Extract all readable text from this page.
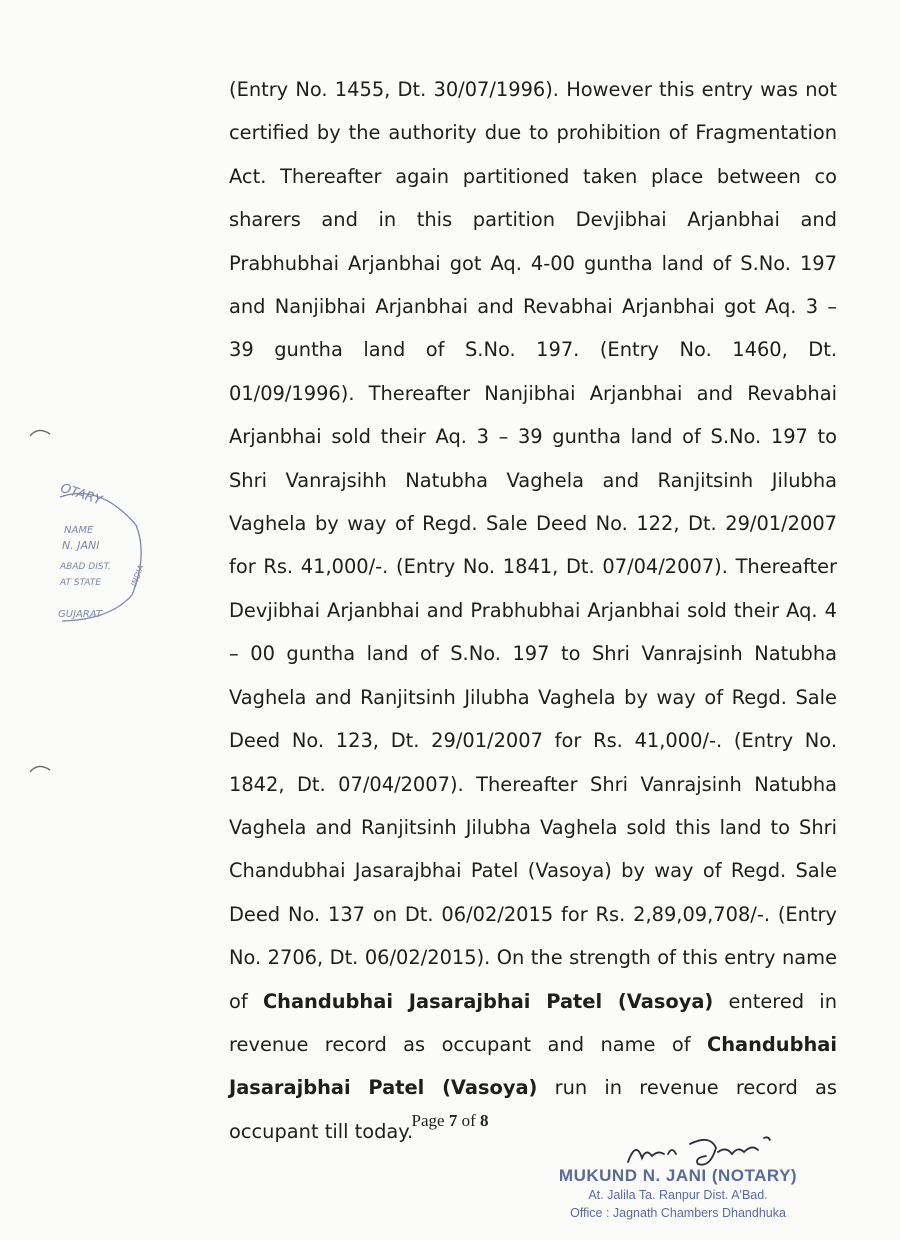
(Entry No. 1455, Dt. 30/07/1996). However this entry was not certified by the authority due to prohibition of Fragmentation Act. Thereafter again partitioned taken place between co sharers and in this partition Devjibhai Arjanbhai and Prabhubhai Arjanbhai got Aq. 4-00 guntha land of S.No. 197 and Nanjibhai Arjanbhai and Revabhai Arjanbhai got Aq. 3 – 39 guntha land of S.No. 197. (Entry No. 1460, Dt. 01/09/1996). Thereafter Nanjibhai Arjanbhai and Revabhai Arjanbhai sold their Aq. 3 – 39 guntha land of S.No. 197 to Shri Vanrajsihh Natubha Vaghela and Ranjitsinh Jilubha Vaghela by way of Regd. Sale Deed No. 122, Dt. 29/01/2007 for Rs. 41,000/-. (Entry No. 1841, Dt. 07/04/2007). Thereafter Devjibhai Arjanbhai and Prabhubhai Arjanbhai sold their Aq. 4 – 00 guntha land of S.No. 197 to Shri Vanrajsinh Natubha Vaghela and Ranjitsinh Jilubha Vaghela by way of Regd. Sale Deed No. 123, Dt. 29/01/2007 for Rs. 41,000/-. (Entry No. 1842, Dt. 07/04/2007). Thereafter Shri Vanrajsinh Natubha Vaghela and Ranjitsinh Jilubha Vaghela sold this land to Shri Chandubhai Jasarajbhai Patel (Vasoya) by way of Regd. Sale Deed No. 137 on Dt. 06/02/2015 for Rs. 2,89,09,708/-. (Entry No. 2706, Dt. 06/02/2015). On the strength of this entry name of Chandubhai Jasarajbhai Patel (Vasoya) entered in revenue record as occupant and name of Chandubhai Jasarajbhai Patel (Vasoya) run in revenue record as occupant till today.

OTARY
NAME
N. JANI
ABAD DIST.
AT STATE
GUJARAT
INDIA
Page 7 of 8
MUKUND N. JANI (NOTARY)
At. Jalila Ta. Ranpur Dist. A'Bad.
Office : Jagnath Chambers Dhandhuka
